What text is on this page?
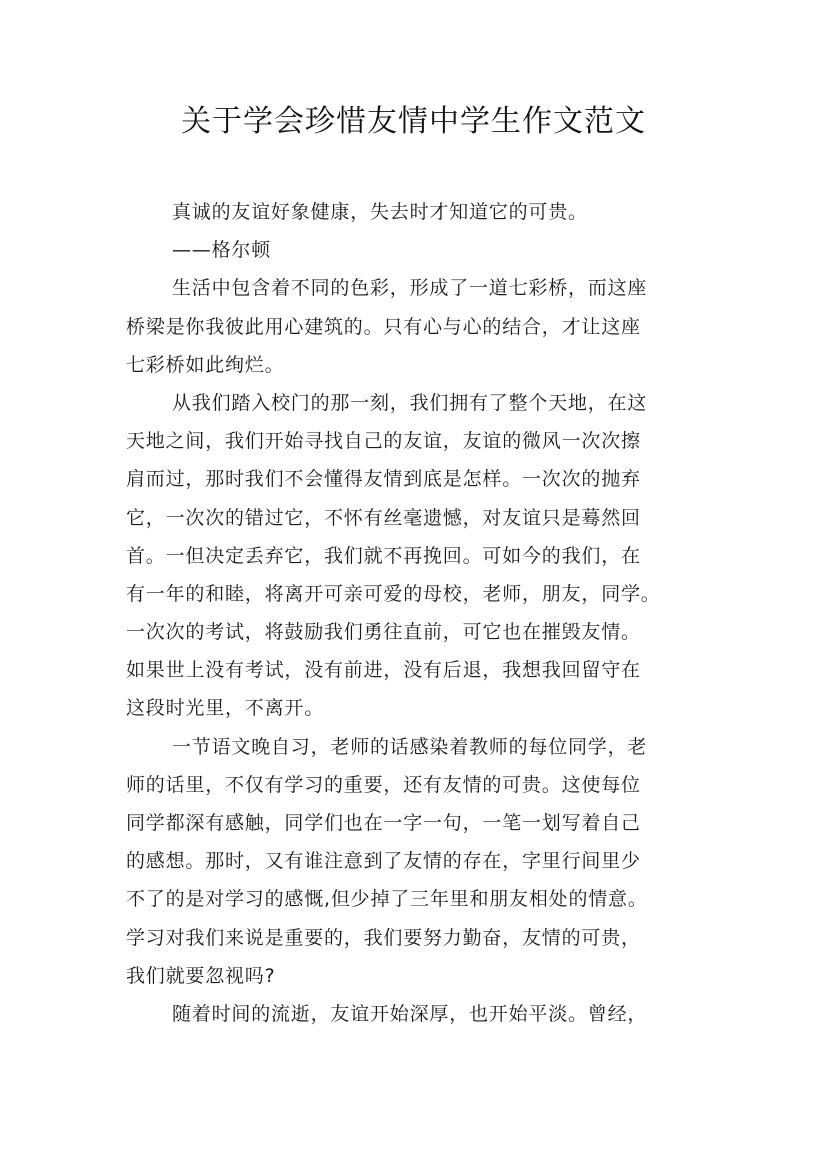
关于学会珍惜友情中学生作文范文
真诚的友谊好象健康，失去时才知道它的可贵。
——格尔顿
生活中包含着不同的色彩，形成了一道七彩桥，而这座
桥梁是你我彼此用心建筑的。只有心与心的结合，才让这座
七彩桥如此绚烂。
从我们踏入校门的那一刻，我们拥有了整个天地，在这
天地之间，我们开始寻找自己的友谊，友谊的微风一次次擦
肩而过，那时我们不会懂得友情到底是怎样。一次次的抛弃
它，一次次的错过它，不怀有丝毫遗憾，对友谊只是蓦然回
首。一但决定丢弃它，我们就不再挽回。可如今的我们，在
有一年的和睦，将离开可亲可爱的母校，老师，朋友，同学。
一次次的考试，将鼓励我们勇往直前，可它也在摧毁友情。
如果世上没有考试，没有前进，没有后退，我想我回留守在
这段时光里，不离开。
一节语文晚自习，老师的话感染着教师的每位同学，老
师的话里，不仅有学习的重要，还有友情的可贵。这使每位
同学都深有感触，同学们也在一字一句，一笔一划写着自己
的感想。那时，又有谁注意到了友情的存在，字里行间里少
不了的是对学习的感慨,但少掉了三年里和朋友相处的情意。
学习对我们来说是重要的，我们要努力勤奋，友情的可贵，
我们就要忽视吗?
随着时间的流逝，友谊开始深厚，也开始平淡。曾经，
